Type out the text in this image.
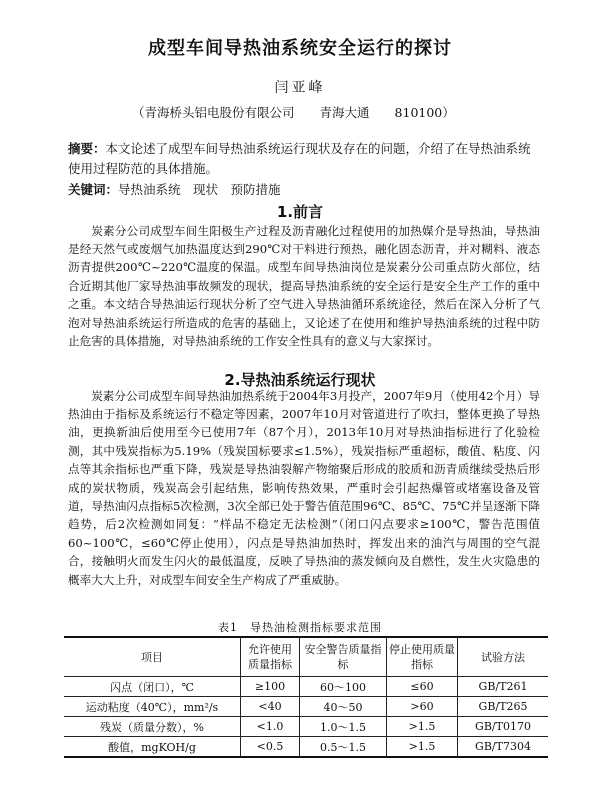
成型车间导热油系统安全运行的探讨
闫亚峰
（青海桥头铝电股份有限公司   青海大通   810100）
摘要：本文论述了成型车间导热油系统运行现状及存在的问题，介绍了在导热油系统使用过程防范的具体措施。
关键词：导热油系统  现状  预防措施
1.前言

炭素分公司成型车间生阳极生产过程及沥青融化过程使用的加热媒介是导热油，导热油是经天然气或废烟气加热温度达到290℃对干料进行预热，融化固态沥青，并对糊料、液态沥青提供200℃~220℃温度的保温。成型车间导热油岗位是炭素分公司重点防火部位，结合近期其他厂家导热油事故频发的现状，提高导热油系统的安全运行是安全生产工作的重中之重。本文结合导热油运行现状分析了空气进入导热油循环系统途径，然后在深入分析了气泡对导热油系统运行所造成的危害的基础上，又论述了在使用和维护导热油系统的过程中防止危害的具体措施，对导热油系统的工作安全性具有的意义与大家探讨。

2.导热油系统运行现状

炭素分公司成型车间导热油加热系统于2004年3月投产，2007年9月（使用42个月）导热油由于指标及系统运行不稳定等因素，2007年10月对管道进行了吹扫，整体更换了导热油，更换新油后使用至今已使用7年（87个月），2013年10月对导热油指标进行了化验检测，其中残炭指标为5.19%（残炭国标要求≤1.5%），残炭指标严重超标，酸值、粘度、闪点等其余指标也严重下降，残炭是导热油裂解产物缩聚后形成的胶质和沥青质继续受热后形成的炭状物质，残炭高会引起结焦，影响传热效果，严重时会引起热爆管或堵塞设备及管道，导热油闪点指标5次检测，3次全部已处于警告值范围96℃、85℃、75℃并呈逐渐下降趋势，后2次检测如同复：“样品不稳定无法检测”（闭口闪点要求≥100℃，警告范围值60~100℃，≤60℃停止使用），闪点是导热油加热时，挥发出来的油汽与周围的空气混合，接触明火而发生闪火的最低温度，反映了导热油的蒸发倾向及自燃性，发生火灾隐患的概率大大上升，对成型车间安全生产构成了严重威胁。

表1　导热油检测指标要求范围
项目	允许使用质量指标	安全警告质量指标	停止使用质量指标	试验方法
闪点（闭口），℃	≥100	60～100	≤60	GB/T261
运动粘度（40℃），mm²/s	<40	40～50	>60	GB/T265
残炭（质量分数），%	<1.0	1.0～1.5	>1.5	GB/T0170
酸值，mgKOH/g	<0.5	0.5～1.5	>1.5	GB/T7304
